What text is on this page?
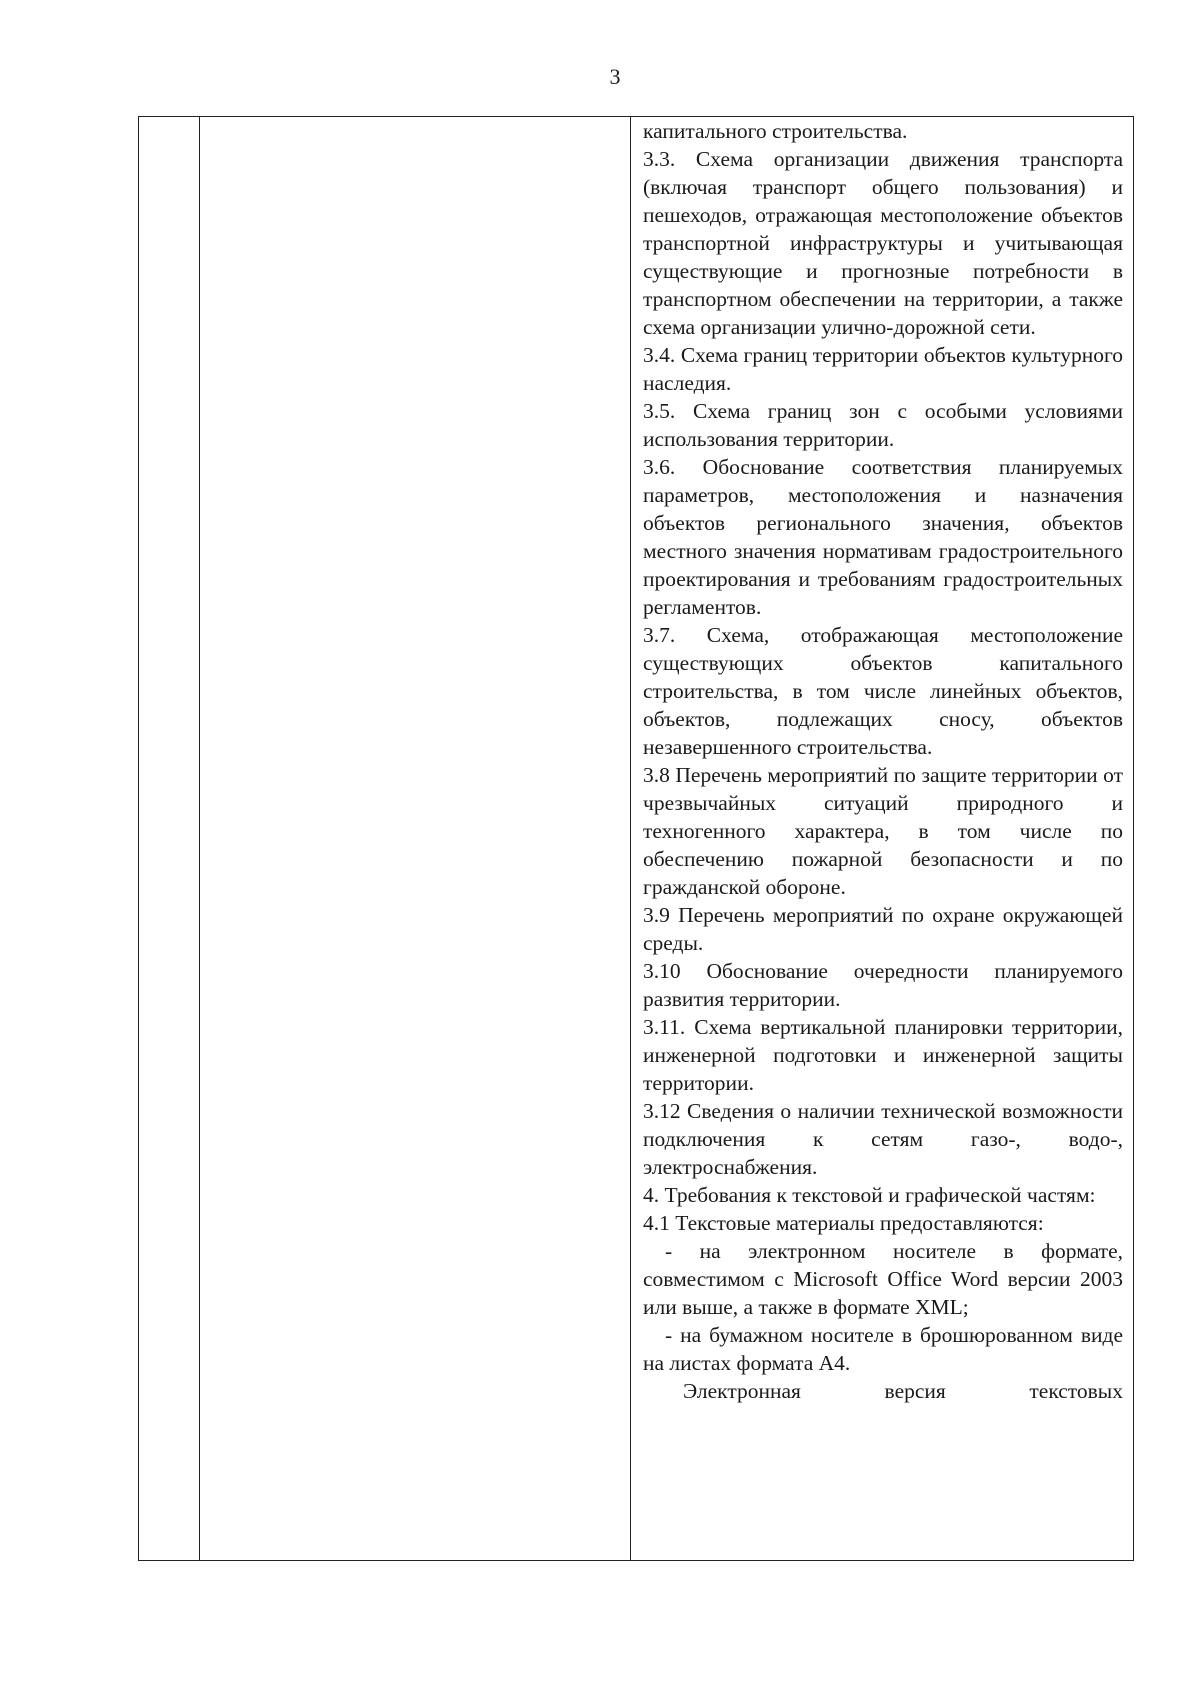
3

капитального строительства.

3.3. Схема организации движения транспорта (включая транспорт общего пользования) и пешеходов, отражающая местоположение объектов транспортной инфраструктуры и учитывающая существующие и прогнозные потребности в транспортном обеспечении на территории, а также схема организации улично-дорожной сети.

3.4. Схема границ территории объектов культурного наследия.

3.5. Схема границ зон с особыми условиями использования территории.

3.6. Обоснование соответствия планируемых параметров, местоположения и назначения объектов регионального значения, объектов местного значения нормативам градостроительного проектирования и требованиям градостроительных регламентов.

3.7. Схема, отображающая местоположение существующих объектов капитального строительства, в том числе линейных объектов, объектов, подлежащих сносу, объектов незавершенного строительства.

3.8 Перечень мероприятий по защите территории от чрезвычайных ситуаций природного и техногенного характера, в том числе по обеспечению пожарной безопасности и по гражданской обороне.

3.9 Перечень мероприятий по охране окружающей среды.

3.10 Обоснование очередности планируемого развития территории.

3.11. Схема вертикальной планировки территории, инженерной подготовки и инженерной защиты территории.

3.12 Сведения о наличии технической возможности подключения к сетям газо-, водо-, электроснабжения.

4. Требования к текстовой и графической частям:

4.1 Текстовые материалы предоставляются:

- на электронном носителе в формате, совместимом с Microsoft Office Word версии 2003 или выше, а также в формате XML;

- на бумажном носителе в брошюрованном виде на листах формата А4.

Электронная версия текстовых
